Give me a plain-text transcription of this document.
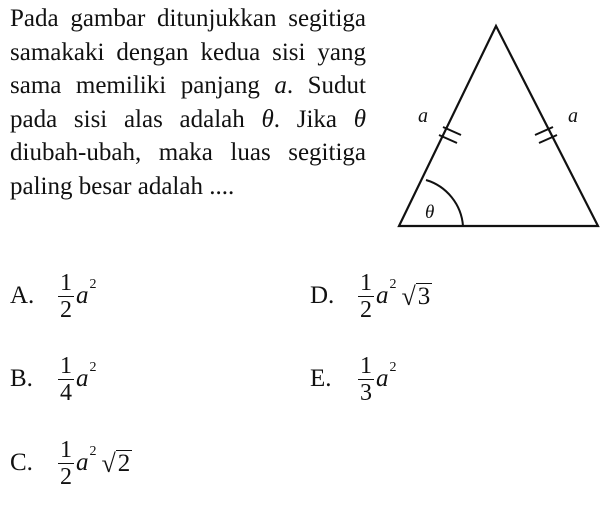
Pada gambar ditunjukkan segitiga samakaki dengan kedua sisi yang sama memiliki panjang a. Sudut pada sisi alas adalah θ. Jika θ diubah-ubah, maka luas segitiga paling besar adalah ....
a	a
θ
A. $\frac{1}{2}$ a 2
B.	$\frac{1}{4}$ a 2
C.	$\frac{1}{2}$ a 2 √ 2
D. $\frac{1}{2}$ a 2 √ 3
E.	$\frac{1}{3}$ a 2
